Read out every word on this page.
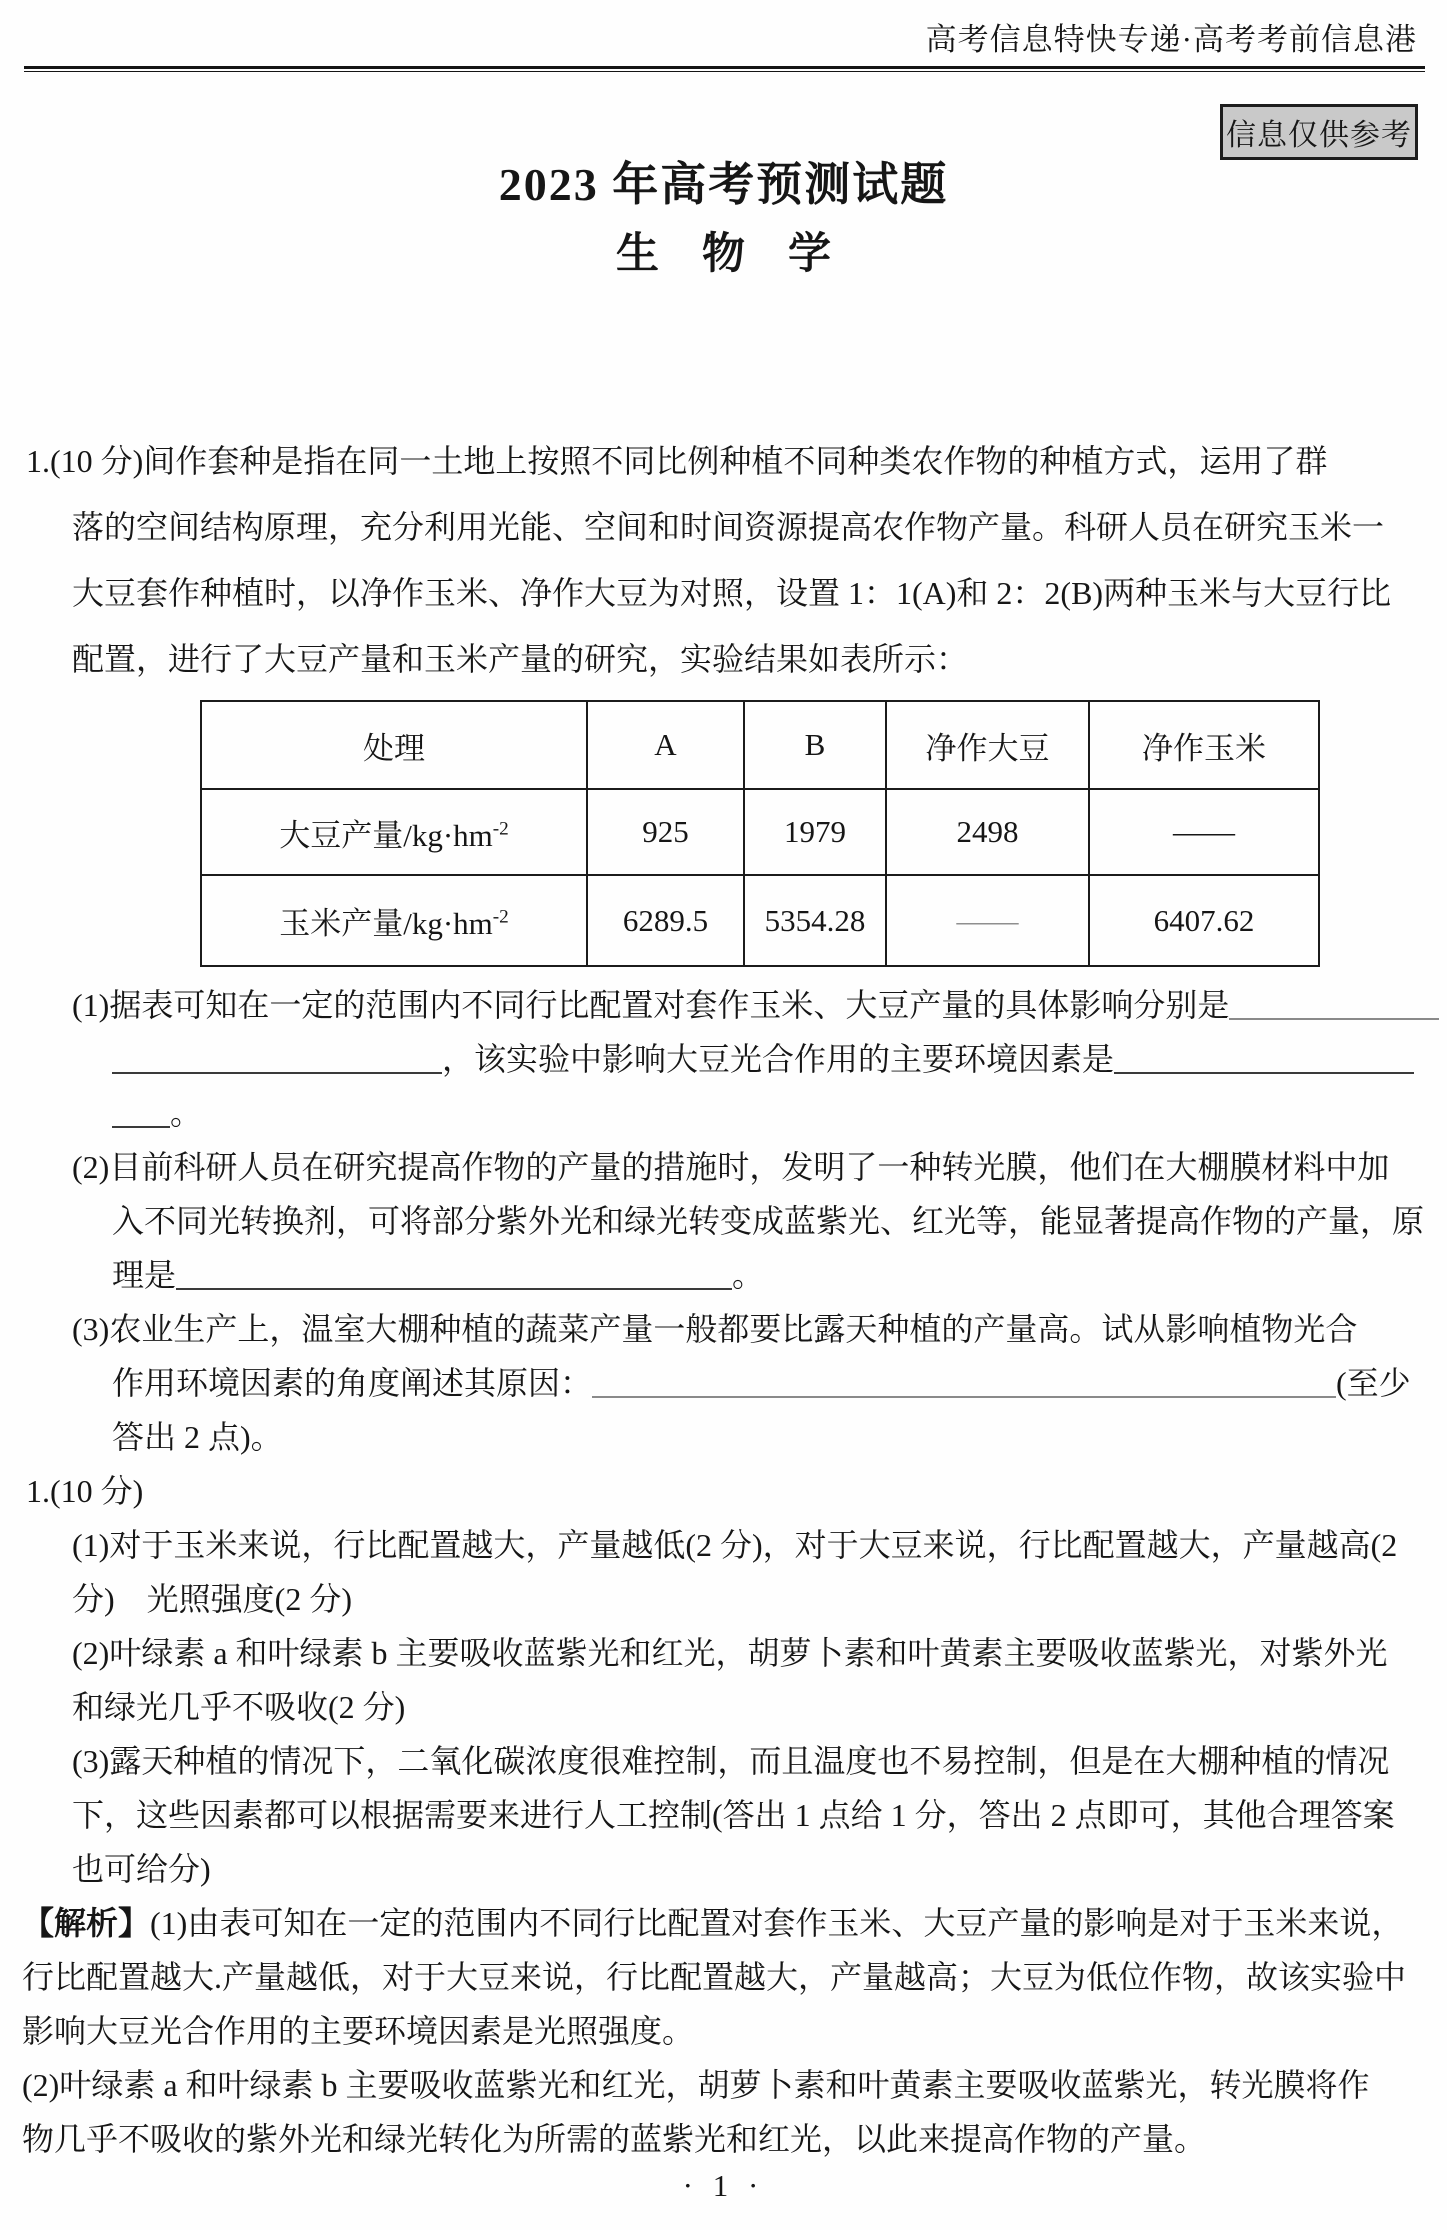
高考信息特快专递·高考考前信息港
信息仅供参考
2023 年高考预测试题
生　物　学
1.(10 分)间作套种是指在同一土地上按照不同比例种植不同种类农作物的种植方式，运用了群
落的空间结构原理，充分利用光能、空间和时间资源提高农作物产量。科研人员在研究玉米一
大豆套作种植时，以净作玉米、净作大豆为对照，设置 1：1(A)和 2：2(B)两种玉米与大豆行比
配置，进行了大豆产量和玉米产量的研究，实验结果如表所示：
处理	A	B	净作大豆	净作玉米
大豆产量$/kg\cdot hm^{-2}$	925	1979	2498	——
玉米产量$/kg\cdot hm^{-2}$	6289.5	5354.28	——	6407.62
(1)据表可知在一定的范围内不同行比配置对套作玉米、大豆产量的具体影响分别是
，该实验中影响大豆光合作用的主要环境因素是
。
(2)目前科研人员在研究提高作物的产量的措施时，发明了一种转光膜，他们在大棚膜材料中加
入不同光转换剂，可将部分紫外光和绿光转变成蓝紫光、红光等，能显著提高作物的产量，原
理是	。
(3)农业生产上，温室大棚种植的蔬菜产量一般都要比露天种植的产量高。试从影响植物光合
作用环境因素的角度阐述其原因：	(至少
答出 2 点)。
1.(10 分)
(1)对于玉米来说，行比配置越大，产量越低(2 分)，对于大豆来说，行比配置越大，产量越高(2
分)　光照强度(2 分)
(2)叶绿素 a 和叶绿素 b 主要吸收蓝紫光和红光，胡萝卜素和叶黄素主要吸收蓝紫光，对紫外光
和绿光几乎不吸收(2 分)
(3)露天种植的情况下，二氧化碳浓度很难控制，而且温度也不易控制，但是在大棚种植的情况
下，这些因素都可以根据需要来进行人工控制(答出 1 点给 1 分，答出 2 点即可，其他合理答案
也可给分)
【解析】(1)由表可知在一定的范围内不同行比配置对套作玉米、大豆产量的影响是对于玉米来说，
行比配置越大.产量越低，对于大豆来说，行比配置越大，产量越高；大豆为低位作物，故该实验中
影响大豆光合作用的主要环境因素是光照强度。
(2)叶绿素 a 和叶绿素 b 主要吸收蓝紫光和红光，胡萝卜素和叶黄素主要吸收蓝紫光，转光膜将作
物几乎不吸收的紫外光和绿光转化为所需的蓝紫光和红光，以此来提高作物的产量。
· 1 ·
